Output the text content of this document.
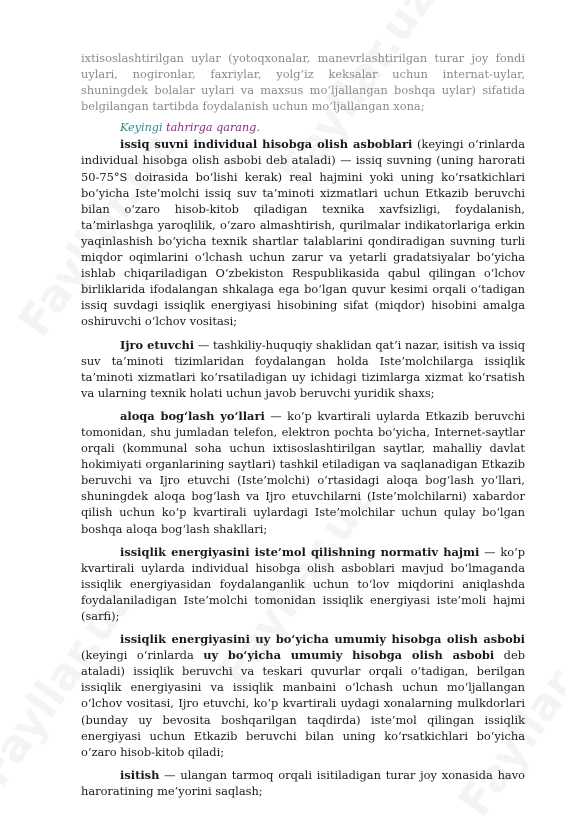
ixtisoslashtirilgan uylar (yotoqxonalar, manevrlashtirilgan turar joy fondi uylari, nogironlar, faxriylar, yolg‘iz keksalar uchun internat-uylar, shuningdek bolalar uylari va maxsus mo‘ljallangan boshqa uylar) sifatida belgilangan tartibda foydalanish uchun mo‘ljallangan xona;

Keyingi tahrirga qarang.

issiq suvni individual hisobga olish asboblari (keyingi o‘rinlarda individual hisobga olish asbobi deb ataladi) — issiq suvning (uning harorati 50-75°S doirasida bo‘lishi kerak) real hajmini yoki uning ko‘rsatkichlari bo‘yicha Iste’molchi issiq suv ta’minoti xizmatlari uchun Etkazib beruvchi bilan o‘zaro hisob-kitob qiladigan texnika xavfsizligi, foydalanish, ta’mirlashga yaroqlilik, o‘zaro almashtirish, qurilmalar indikatorlariga erkin yaqinlashish bo‘yicha texnik shartlar talablarini qondiradigan suvning turli miqdor oqimlarini o‘lchash uchun zarur va yetarli gradatsiyalar bo‘yicha ishlab chiqariladigan O‘zbekiston Respublikasida qabul qilingan o‘lchov birliklarida ifodalangan shkalaga ega bo‘lgan quvur kesimi orqali o‘tadigan issiq suvdagi issiqlik energiyasi hisobining sifat (miqdor) hisobini amalga oshiruvchi o‘lchov vositasi;

Ijro etuvchi — tashkiliy-huquqiy shaklidan qat’i nazar, isitish va issiq suv ta’minoti tizimlaridan foydalangan holda Iste’molchilarga issiqlik ta’minoti xizmatlari ko‘rsatiladigan uy ichidagi tizimlarga xizmat ko‘rsatish va ularning texnik holati uchun javob beruvchi yuridik shaxs;

aloqa bog‘lash yo‘llari — ko‘p kvartirali uylarda Etkazib beruvchi tomonidan, shu jumladan telefon, elektron pochta bo‘yicha, Internet-saytlar orqali (kommunal soha uchun ixtisoslashtirilgan saytlar, mahalliy davlat hokimiyati organlarining saytlari) tashkil etiladigan va saqlanadigan Etkazib beruvchi va Ijro etuvchi (Iste’molchi) o‘rtasidagi aloqa bog‘lash yo‘llari, shuningdek aloqa bog‘lash va Ijro etuvchilarni (Iste’molchilarni) xabardor qilish uchun ko‘p kvartirali uylardagi Iste’molchilar uchun qulay bo‘lgan boshqa aloqa bog‘lash shakllari;

issiqlik energiyasini iste’mol qilishning normativ hajmi — ko‘p kvartirali uylarda individual hisobga olish asboblari mavjud bo‘lmaganda issiqlik energiyasidan foydalanganlik uchun to‘lov miqdorini aniqlashda foydalaniladigan Iste’molchi tomonidan issiqlik energiyasi iste’moli hajmi (sarfi);

issiqlik energiyasini uy bo‘yicha umumiy hisobga olish asbobi (keyingi o‘rinlarda uy bo‘yicha umumiy hisobga olish asbobi deb ataladi) issiqlik beruvchi va teskari quvurlar orqali o‘tadigan, berilgan issiqlik energiyasini va issiqlik manbaini o‘lchash uchun mo‘ljallangan o‘lchov vositasi, Ijro etuvchi, ko‘p kvartirali uydagi xonalarning mulkdorlari (bunday uy bevosita boshqarilgan taqdirda) iste’mol qilingan issiqlik energiyasi uchun Etkazib beruvchi bilan uning ko‘rsatkichlari bo‘yicha o‘zaro hisob-kitob qiladi;

isitish — ulangan tarmoq orqali isitiladigan turar joy xonasida havo haroratining me’yorini saqlash;
